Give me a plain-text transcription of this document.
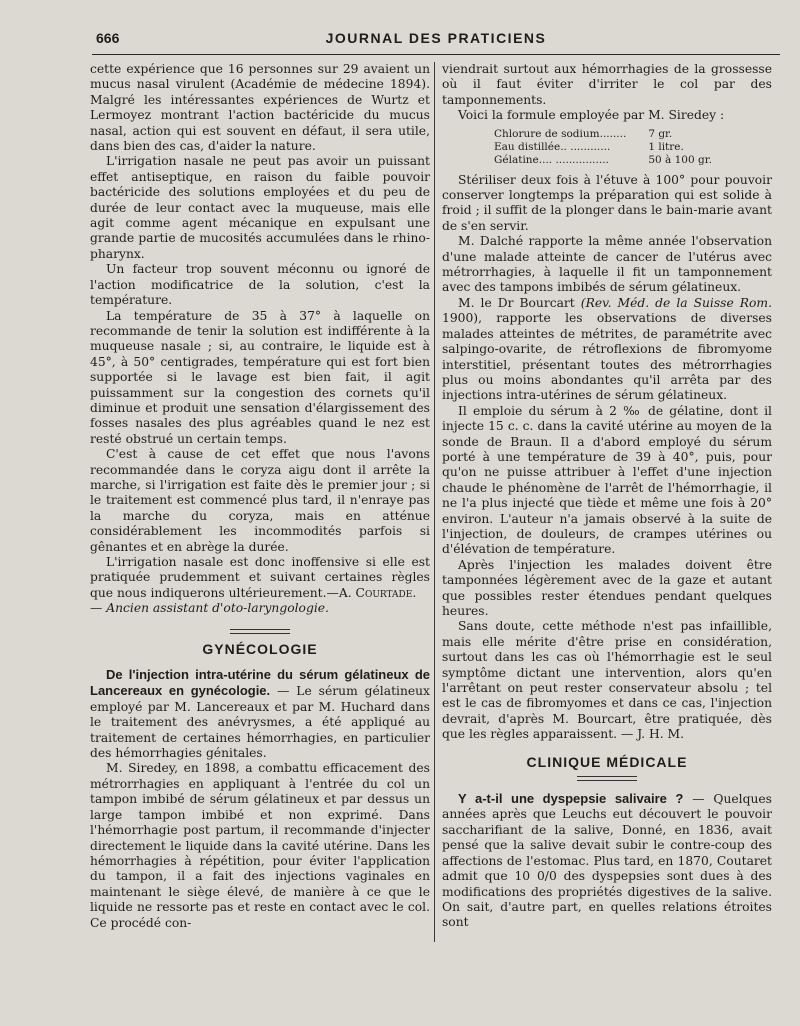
666	JOURNAL DES PRATICIENS

cette expérience que 16 personnes sur 29 avaient un mucus nasal virulent (Académie de médecine 1894). Malgré les intéressantes expériences de Wurtz et Lermoyez montrant l'action bactéricide du mucus nasal, action qui est souvent en défaut, il sera utile, dans bien des cas, d'aider la nature.

L'irrigation nasale ne peut pas avoir un puissant effet antiseptique, en raison du faible pouvoir bactéricide des solutions employées et du peu de durée de leur contact avec la muqueuse, mais elle agit comme agent mécanique en expulsant une grande partie de mucosités accumulées dans le rhino-pharynx.

Un facteur trop souvent méconnu ou ignoré de l'action modificatrice de la solution, c'est la température.

La température de 35 à 37° à laquelle on recommande de tenir la solution est indifférente à la muqueuse nasale ; si, au contraire, le liquide est à 45°, à 50° centigrades, température qui est fort bien supportée si le lavage est bien fait, il agit puissamment sur la congestion des cornets qu'il diminue et produit une sensation d'élargissement des fosses nasales des plus agréables quand le nez est resté obstrué un certain temps.

C'est à cause de cet effet que nous l'avons recommandée dans le coryza aigu dont il arrête la marche, si l'irrigation est faite dès le premier jour ; si le traitement est commencé plus tard, il n'enraye pas la marche du coryza, mais en atténue considérablement les incommodités parfois si gênantes et en abrège la durée.

L'irrigation nasale est donc inoffensive si elle est pratiquée prudemment et suivant certaines règles que nous indiquerons ultérieurement.—A. Courtade.
— Ancien assistant d'oto-laryngologie.

GYNÉCOLOGIE

De l'injection intra-utérine du sérum gélatineux de Lancereaux en gynécologie. — Le sérum gélatineux employé par M. Lancereaux et par M. Huchard dans le traitement des anévrysmes, a été appliqué au traitement de certaines hémorrhagies, en particulier des hémorrhagies génitales.

M. Siredey, en 1898, a combattu efficacement des métrorrhagies en appliquant à l'entrée du col un tampon imbibé de sérum gélatineux et par dessus un large tampon imbibé et non exprimé. Dans l'hémorrhagie post partum, il recommande d'injecter directement le liquide dans la cavité utérine. Dans les hémorrhagies à répétition, pour éviter l'application du tampon, il a fait des injections vaginales en maintenant le siège élevé, de manière à ce que le liquide ne ressorte pas et reste en contact avec le col. Ce procédé con-

viendrait surtout aux hémorrhagies de la grossesse où il faut éviter d'irriter le col par des tamponnements.

Voici la formule employée par M. Siredey :

Chlorure de sodium........	7 gr.
Eau distillée.. ............	1 litre.
Gélatine.... ................	50 à 100 gr.

Stériliser deux fois à l'étuve à 100° pour pouvoir conserver longtemps la préparation qui est solide à froid ; il suffit de la plonger dans le bain-marie avant de s'en servir.

M. Dalché rapporte la même année l'observation d'une malade atteinte de cancer de l'utérus avec métrorrhagies, à laquelle il fit un tamponnement avec des tampons imbibés de sérum gélatineux.

M. le Dr Bourcart (Rev. Méd. de la Suisse Rom. 1900), rapporte les observations de diverses malades atteintes de métrites, de paramétrite avec salpingo-ovarite, de rétroflexions de fibromyome interstitiel, présentant toutes des métrorrhagies plus ou moins abondantes qu'il arrêta par des injections intra-utérines de sérum gélatineux.

Il emploie du sérum à 2 ‰ de gélatine, dont il injecte 15 c. c. dans la cavité utérine au moyen de la sonde de Braun. Il a d'abord employé du sérum porté à une température de 39 à 40°, puis, pour qu'on ne puisse attribuer à l'effet d'une injection chaude le phénomène de l'arrêt de l'hémorrhagie, il ne l'a plus injecté que tiède et même une fois à 20° environ. L'auteur n'a jamais observé à la suite de l'injection, de douleurs, de crampes utérines ou d'élévation de température.

Après l'injection les malades doivent être tamponnées légèrement avec de la gaze et autant que possibles rester étendues pendant quelques heures.

Sans doute, cette méthode n'est pas infaillible, mais elle mérite d'être prise en considération, surtout dans les cas où l'hémorrhagie est le seul symptôme dictant une intervention, alors qu'en l'arrêtant on peut rester conservateur absolu ; tel est le cas de fibromyomes et dans ce cas, l'injection devrait, d'après M. Bourcart, être pratiquée, dès que les règles apparaissent. — J. H. M.

CLINIQUE MÉDICALE

Y a-t-il une dyspepsie salivaire ? — Quelques années après que Leuchs eut découvert le pouvoir saccharifiant de la salive, Donné, en 1836, avait pensé que la salive devait subir le contre-coup des affections de l'estomac. Plus tard, en 1870, Coutaret admit que 10 0/0 des dyspepsies sont dues à des modifications des propriétés digestives de la salive. On sait, d'autre part, en quelles relations étroites sont
